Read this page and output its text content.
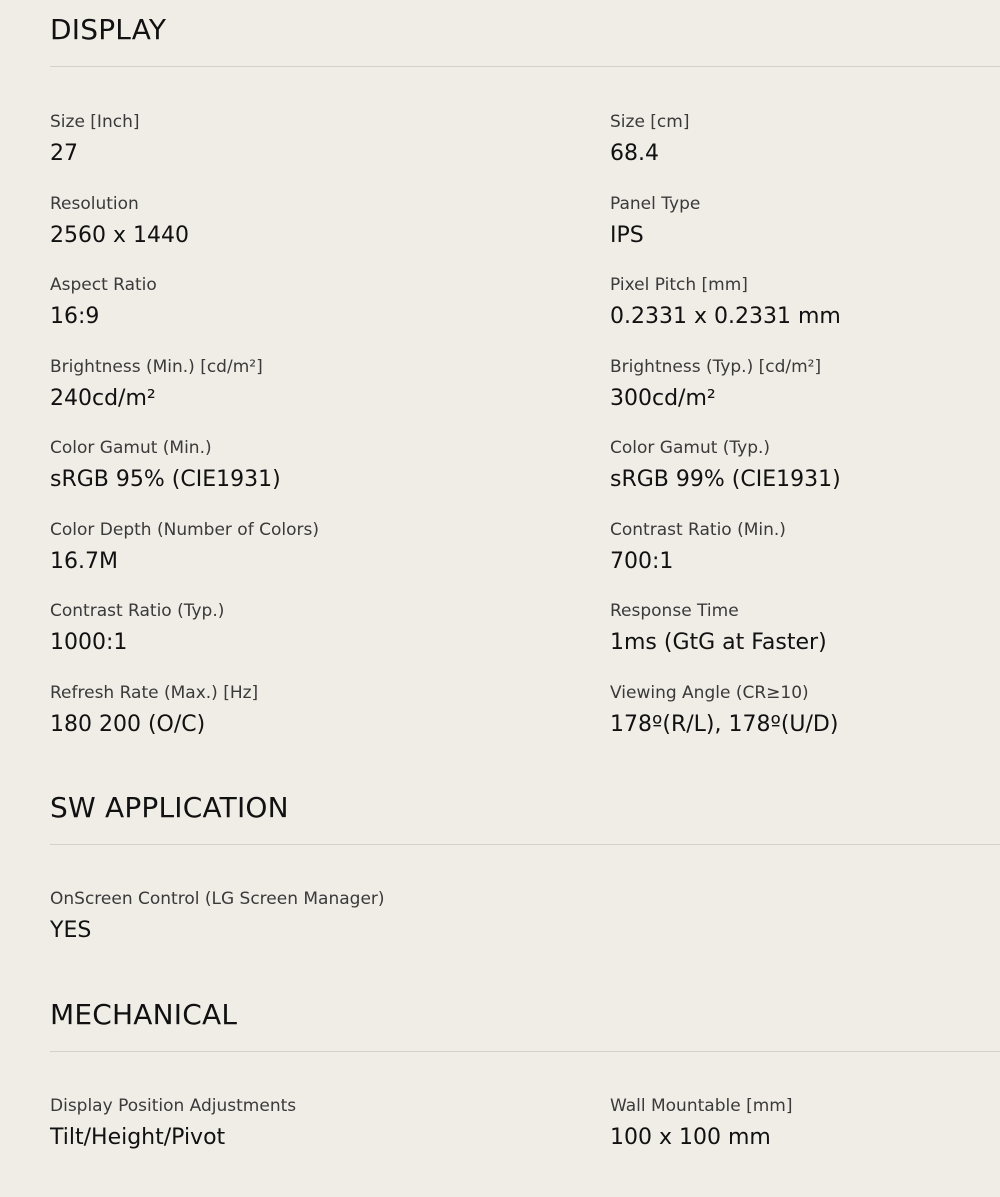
DISPLAY
Size [Inch]
27
Size [cm]
68.4
Resolution
2560 x 1440
Panel Type
IPS
Aspect Ratio
16:9
Pixel Pitch [mm]
0.2331 x 0.2331 mm
Brightness (Min.) [cd/m²]
240cd/m²
Brightness (Typ.) [cd/m²]
300cd/m²
Color Gamut (Min.)
sRGB 95% (CIE1931)
Color Gamut (Typ.)
sRGB 99% (CIE1931)
Color Depth (Number of Colors)
16.7M
Contrast Ratio (Min.)
700:1
Contrast Ratio (Typ.)
1000:1
Response Time
1ms (GtG at Faster)
Refresh Rate (Max.) [Hz]
180 200 (O/C)
Viewing Angle (CR≥10)
178º(R/L), 178º(U/D)
SW APPLICATION
OnScreen Control (LG Screen Manager)
YES
MECHANICAL
Display Position Adjustments
Tilt/Height/Pivot
Wall Mountable [mm]
100 x 100 mm
